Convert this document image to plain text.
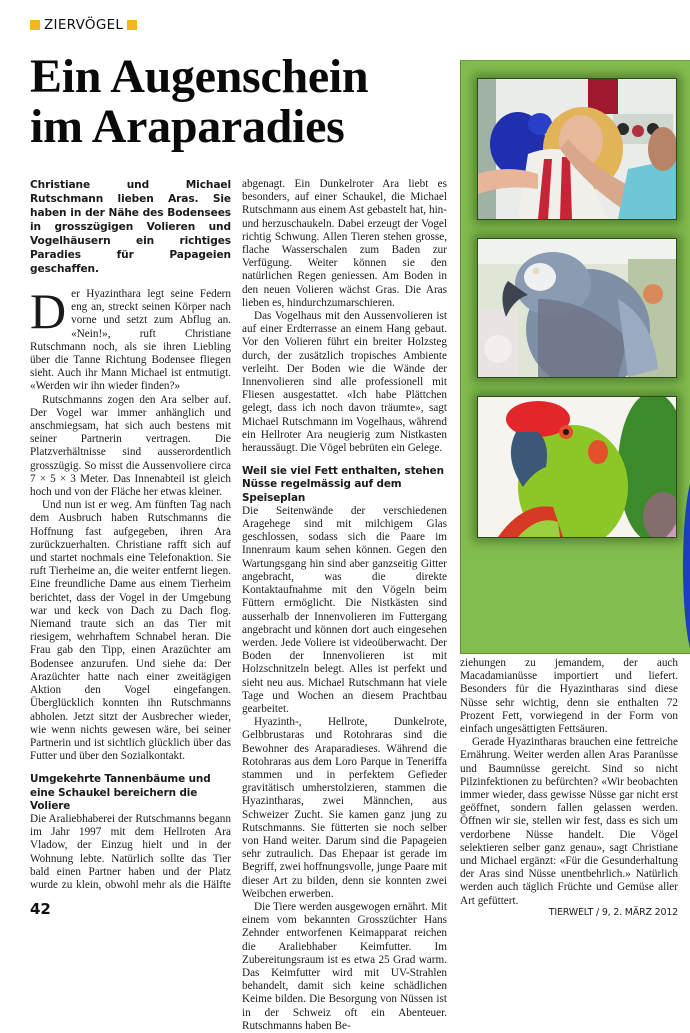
ZIERVÖGEL
Ein Augenschein
im Araparadies

Christiane und Michael Rutschmann lieben Aras. Sie haben in der Nähe des Bodensees in grosszügigen Volieren und Vogelhäusern ein richtiges Paradies für Papageien geschaffen.

Der Hyazinthara legt seine Federn eng an, streckt seinen Körper nach vorne und setzt zum Abflug an. «Nein!», ruft Christiane Rutschmann noch, als sie ihren Liebling über die Tanne Richtung Bodensee fliegen sieht. Auch ihr Mann Michael ist entmutigt. «Werden wir ihn wieder finden?»

Rutschmanns zogen den Ara selber auf. Der Vogel war immer anhänglich und anschmiegsam, hat sich auch bestens mit seiner Partnerin vertragen. Die Platzverhältnisse sind ausserordentlich grosszügig. So misst die Aussenvoliere circa 7 × 5 × 3 Meter. Das Innenabteil ist gleich hoch und von der Fläche her etwas kleiner.

Und nun ist er weg. Am fünften Tag nach dem Ausbruch haben Rutschmanns die Hoffnung fast aufgegeben, ihren Ara zurückzuerhalten. Christiane rafft sich auf und startet nochmals eine Telefonaktion. Sie ruft Tierheime an, die weiter entfernt liegen. Eine freundliche Dame aus einem Tierheim berichtet, dass der Vogel in der Umgebung war und keck von Dach zu Dach flog. Niemand traute sich an das Tier mit riesigem, wehrhaftem Schnabel heran. Die Frau gab den Tipp, einen Arazüchter am Bodensee anzurufen. Und siehe da: Der Arazüchter hatte nach einer zweitägigen Aktion den Vogel eingefangen. Überglücklich konnten ihn Rutschmanns abholen. Jetzt sitzt der Ausbrecher wieder, wie wenn nichts gewesen wäre, bei seiner Partnerin und ist sichtlich glücklich über das Futter und über den Sozialkontakt.

Umgekehrte Tannenbäume und eine Schaukel bereichern die Voliere

Die Araliebhaberei der Rutschmanns begann im Jahr 1997 mit dem Hellroten Ara Vladow, der Einzug hielt und in der Wohnung lebte. Natürlich sollte das Tier bald einen Partner haben und der Platz wurde zu klein, obwohl mehr als die Hälfte

abgenagt. Ein Dunkelroter Ara liebt es besonders, auf einer Schaukel, die Michael Rutschmann aus einem Ast gebastelt hat, hin- und herzuschaukeln. Dabei erzeugt der Vogel richtig Schwung. Allen Tieren stehen grosse, flache Wasserschalen zum Baden zur Verfügung. Weiter können sie den natürlichen Regen geniessen. Am Boden in den neuen Volieren wächst Gras. Die Aras lieben es, hindurchzumarschieren.

Das Vogelhaus mit den Aussenvolieren ist auf einer Erdterrasse an einem Hang gebaut. Vor den Volieren führt ein breiter Holzsteg durch, der zusätzlich tropisches Ambiente verleiht. Der Boden wie die Wände der Innenvolieren sind alle professionell mit Fliesen ausgestattet. «Ich habe Plättchen gelegt, dass ich noch davon träumte», sagt Michael Rutschmann im Vogelhaus, während ein Hellroter Ara neugierig zum Nistkasten heraussäugt. Die Vögel bebrüten ein Gelege.

Weil sie viel Fett enthalten, stehen Nüsse regelmässig auf dem Speiseplan

Die Seitenwände der verschiedenen Aragehege sind mit milchigem Glas geschlossen, sodass sich die Paare im Innenraum kaum sehen können. Gegen den Wartungsgang hin sind aber ganzseitig Gitter angebracht, was die direkte Kontaktaufnahme mit den Vögeln beim Füttern ermöglicht. Die Nistkästen sind ausserhalb der Innenvolieren im Futtergang angebracht und können dort auch eingesehen werden. Jede Voliere ist videoüberwacht. Der Boden der Innenvolieren ist mit Holzschnitzeln belegt. Alles ist perfekt und sieht neu aus. Michael Rutschmann hat viele Tage und Wochen an diesem Prachtbau gearbeitet.

Hyazinth-, Hellrote, Dunkelrote, Gelbbrustaras und Rotohraras sind die Bewohner des Araparadieses. Während die Rotohraras aus dem Loro Parque in Teneriffa stammen und in perfektem Gefieder gravitätisch umherstolzieren, stammen die Hyazintharas, zwei Männchen, aus Schweizer Zucht. Sie kamen ganz jung zu Rutschmanns. Sie fütterten sie noch selber von Hand weiter. Darum sind die Papageien sehr zutraulich. Das Ehepaar ist gerade im Begriff, zwei hoffnungsvolle, junge Paare mit dieser Art zu bilden, denn sie konnten zwei Weibchen erwerben.

Die Tiere werden ausgewogen ernährt. Mit einem vom bekannten Grosszüchter Hans Zehnder entworfenen Keimapparat reichen die Araliebhaber Keimfutter. Im Zubereitungsraum ist es etwa 25 Grad warm. Das Keimfutter wird mit UV-Strahlen behandelt, damit sich keine schädlichen Keime bilden. Die Besorgung von Nüssen ist in der Schweiz oft ein Abenteuer. Rutschmanns haben Be-

ziehungen zu jemandem, der auch Macadamianüsse importiert und liefert. Besonders für die Hyazintharas sind diese Nüsse sehr wichtig, denn sie enthalten 72 Prozent Fett, vorwiegend in der Form von einfach ungesättigten Fettsäuren.

Gerade Hyazintharas brauchen eine fettreiche Ernährung. Weiter werden allen Aras Paranüsse und Baumnüsse gereicht. Sind so nicht Pilzinfektionen zu befürchten? «Wir beobachten immer wieder, dass gewisse Nüsse gar nicht erst geöffnet, sondern fallen gelassen werden. Öffnen wir sie, stellen wir fest, dass es sich um verdorbene Nüsse handelt. Die Vögel selektieren selber ganz genau», sagt Christiane und Michael ergänzt: «Für die Gesunderhaltung der Aras sind Nüsse unentbehrlich.» Natürlich werden auch täglich Früchte und Gemüse aller Art gefüttert.

42	TIERWELT / 9, 2. MÄRZ 2012
